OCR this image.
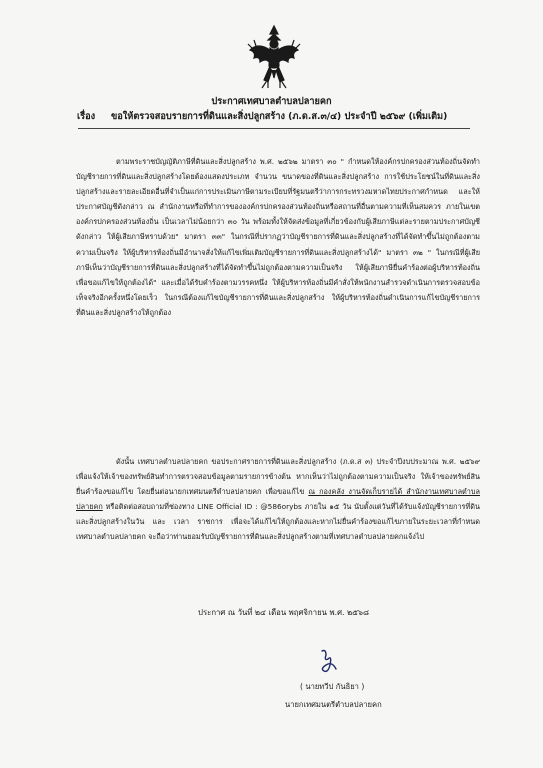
ประกาศเทศบาลตำบลปลายคก
เรื่อง ขอให้ตรวจสอบรายการที่ดินและสิ่งปลูกสร้าง (ภ.ด.ส.๓/๔) ประจำปี ๒๕๖๙ (เพิ่มเติม)

ตามพระราชบัญญัติภาษีที่ดินและสิ่งปลูกสร้าง พ.ศ. ๒๕๖๒ มาตรา ๓๐ " กำหนดให้องค์กรปกครองส่วนท้องถิ่นจัดทำบัญชีรายการที่ดินและสิ่งปลูกสร้างโดยต้องแสดงประเภท จำนวน ขนาดของที่ดินและสิ่งปลูกสร้าง การใช้ประโยชน์ในที่ดินและสิ่งปลูกสร้างและรายละเอียดอื่นที่จำเป็นแก่การประเมินภาษีตามระเบียบที่รัฐมนตรีว่าการกระทรวงมหาดไทยประกาศกำหนด และให้ประกาศบัญชีดังกล่าว ณ สำนักงานหรือที่ทำการขององค์กรปกครองส่วนท้องถิ่นหรือสถานที่อื่นตามความที่เห็นสมควร ภายในเขตองค์กรปกครองส่วนท้องถิ่น เป็นเวลาไม่น้อยกว่า ๓๐ วัน พร้อมทั้งให้จัดส่งข้อมูลที่เกี่ยวข้องกับผู้เสียภาษีแต่ละรายตามประกาศบัญชีดังกล่าว ให้ผู้เสียภาษีทราบด้วย" มาตรา ๓๓" ในกรณีที่ปรากฏว่าบัญชีรายการที่ดินและสิ่งปลูกสร้างที่ได้จัดทำขึ้นไม่ถูกต้องตามความเป็นจริง ให้ผู้บริหารท้องถิ่นมีอำนาจสั่งให้แก้ไขเพิ่มเติมบัญชีรายการที่ดินและสิ่งปลูกสร้างได้" มาตรา ๓๒ " ในกรณีที่ผู้เสียภาษีเห็นว่าบัญชีรายการที่ดินและสิ่งปลูกสร้างที่ได้จัดทำขึ้นไม่ถูกต้องตามความเป็นจริง ให้ผู้เสียภาษียื่นคำร้องต่อผู้บริหารท้องถิ่นเพื่อขอแก้ไขให้ถูกต้องได้" และเมื่อได้รับคำร้องตามวรรคหนึ่ง ให้ผู้บริหารท้องถิ่นมีคำสั่งให้พนักงานสำรวจดำเนินการตรวจสอบข้อเท็จจริงอีกครั้งหนึ่งโดยเร็ว ในกรณีต้องแก้ไขบัญชีรายการที่ดินและสิ่งปลูกสร้าง ให้ผู้บริหารท้องถิ่นดำเนินการแก้ไขบัญชีรายการที่ดินและสิ่งปลูกสร้างให้ถูกต้อง

ดังนั้น เทศบาลตำบลปลายคก ขอประกาศรายการที่ดินและสิ่งปลูกสร้าง (ภ.ด.ส ๓) ประจำปีงบประมาณ พ.ศ. ๒๕๖๙ เพื่อแจ้งให้เจ้าของทรัพย์สินทำการตรวจสอบข้อมูลตามรายการข้างต้น หากเห็นว่าไม่ถูกต้องตามความเป็นจริง ให้เจ้าของทรัพย์สินยื่นคำร้องขอแก้ไข โดยยื่นต่อนายกเทศมนตรีตำบลปลายคก เพื่อขอแก้ไข ณ กองคลัง งานจัดเก็บรายได้ สำนักงานเทศบาลตำบลปลายคก หรือติดต่อสอบถามที่ช่องทาง LINE Official ID : @586orybs ภายใน ๑๕ วัน นับตั้งแต่วันที่ได้รับแจ้งบัญชีรายการที่ดินและสิ่งปลูกสร้างในวัน และ เวลา ราชการ เพื่อจะได้แก้ไขให้ถูกต้องและหากไม่ยื่นคำร้องขอแก้ไขภายในระยะเวลาที่กำหนดเทศบาลตำบลปลายคก จะถือว่าท่านยอมรับบัญชีรายการที่ดินและสิ่งปลูกสร้างตามที่เทศบาลตำบลปลายคกแจ้งไป

ประกาศ ณ วันที่ ๒๔ เดือน พฤศจิกายน พ.ศ. ๒๕๖๘
( นายทวีป กันธิยา )
นายกเทศมนตรีตำบลปลายคก
